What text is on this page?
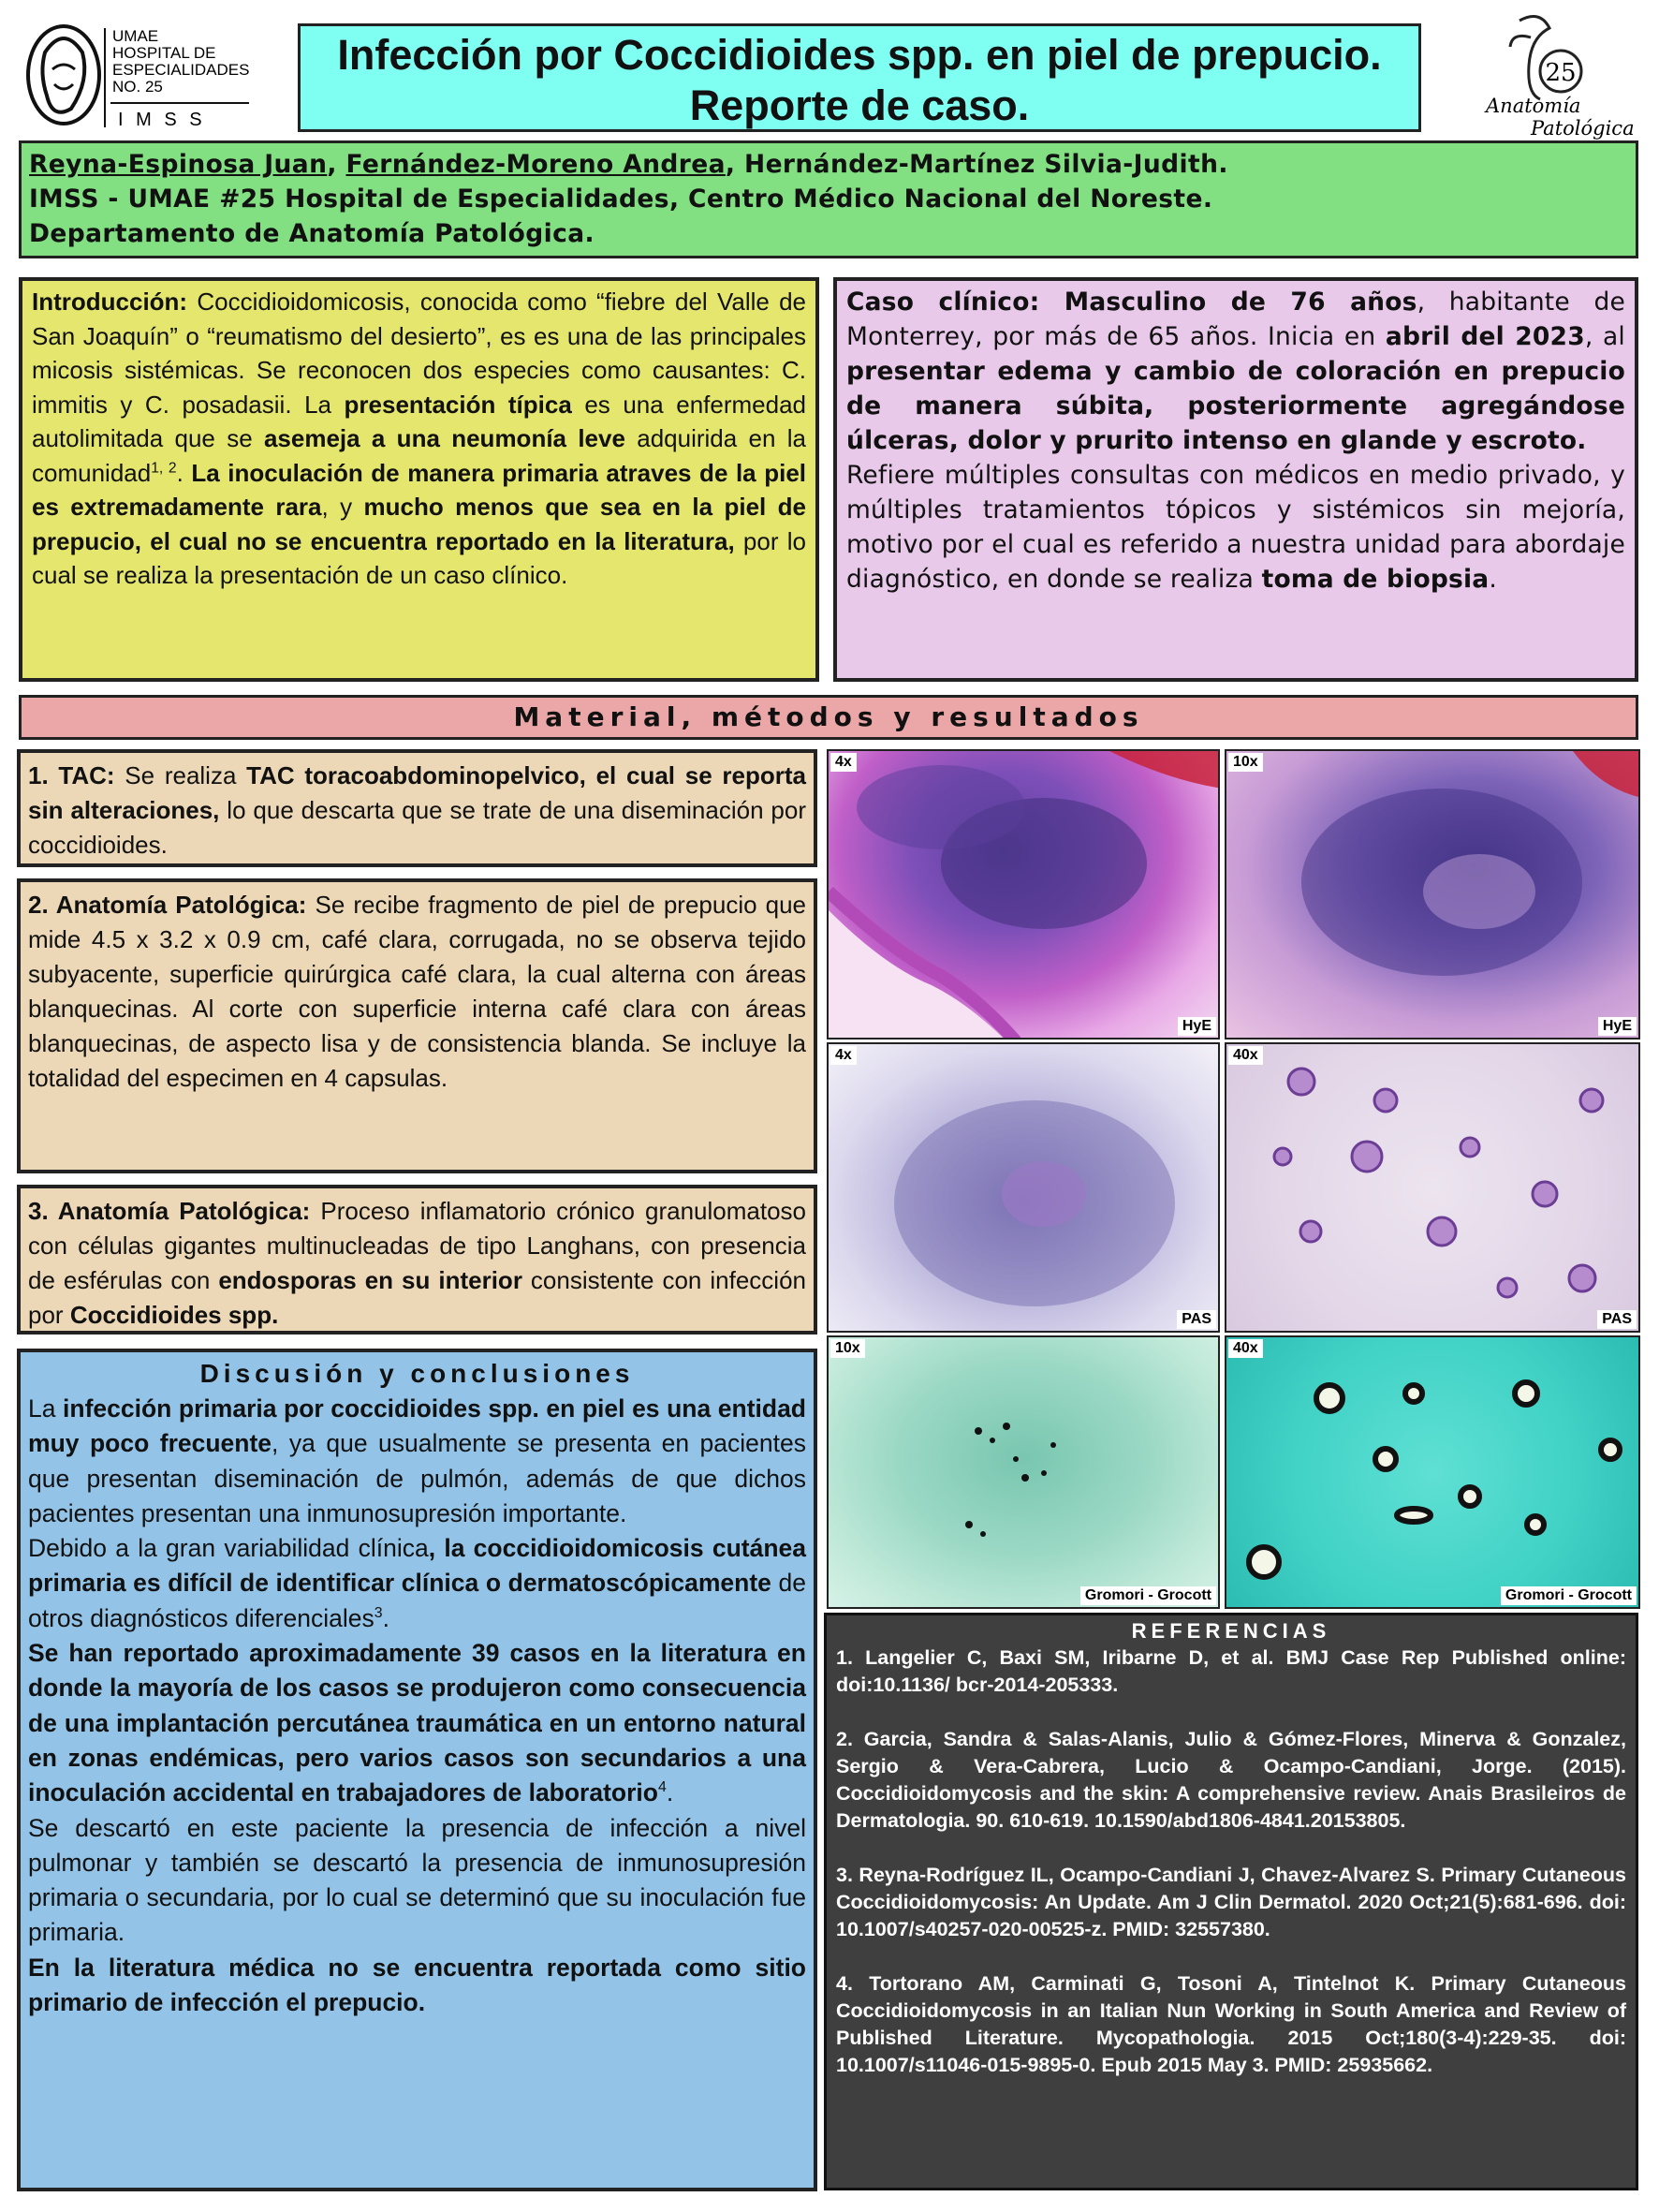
UMAE
HOSPITAL DE
ESPECIALIDADES
NO. 25
I M S S
25
Anatomía
Patológica
Infección por Coccidioides spp. en piel de prepucio.
Reporte de caso.
Reyna-Espinosa Juan, Fernández-Moreno Andrea, Hernández-Martínez Silvia-Judith.
IMSS - UMAE #25 Hospital de Especialidades, Centro Médico Nacional del Noreste.
Departamento de Anatomía Patológica.
Introducción: Coccidioidomicosis, conocida como “fiebre del Valle de San Joaquín” o “reumatismo del desierto”, es es una de las principales micosis sistémicas. Se reconocen dos especies como causantes: C. immitis y C. posadasii. La presentación típica es una enfermedad autolimitada que se asemeja a una neumonía leve adquirida en la comunidad$^{1, 2}$. La inoculación de manera primaria atraves de la piel es extremadamente rara, y mucho menos que sea en la piel de prepucio, el cual no se encuentra reportado en la literatura, por lo cual se realiza la presentación de un caso clínico.
Caso clínico: Masculino de 76 años, habitante de Monterrey, por más de 65 años. Inicia en abril del 2023, al presentar edema y cambio de coloración en prepucio de manera súbita, posteriormente agregándose úlceras, dolor y prurito intenso en glande y escroto.
Refiere múltiples consultas con médicos en medio privado, y múltiples tratamientos tópicos y sistémicos sin mejoría, motivo por el cual es referido a nuestra unidad para abordaje diagnóstico, en donde se realiza toma de biopsia.
Material, métodos y resultados
1. TAC: Se realiza TAC toracoabdominopelvico, el cual se reporta sin alteraciones, lo que descarta que se trate de una diseminación por coccidioides.
2. Anatomía Patológica: Se recibe fragmento de piel de prepucio que mide 4.5 x 3.2 x 0.9 cm, café clara, corrugada, no se observa tejido subyacente, superficie quirúrgica café clara, la cual alterna con áreas blanquecinas. Al corte con superficie interna café clara con áreas blanquecinas, de aspecto lisa y de consistencia blanda. Se incluye la totalidad del especimen en 4 capsulas.
3. Anatomía Patológica: Proceso inflamatorio crónico granulomatoso con células gigantes multinucleadas de tipo Langhans, con presencia de esférulas con endosporas en su interior consistente con infección por Coccidioides spp.
4x
HyE
10x
HyE
4x
PAS
40x
PAS
10x
Gromori - Grocott
40x
Gromori - Grocott
Discusión y conclusiones
La infección primaria por coccidioides spp. en piel es una entidad muy poco frecuente, ya que usualmente se presenta en pacientes que presentan diseminación de pulmón, además de que dichos pacientes presentan una inmunosupresión importante.
Debido a la gran variabilidad clínica, la coccidioidomicosis cutánea primaria es difícil de identificar clínica o dermatoscópicamente de otros diagnósticos diferenciales$^3$.
Se han reportado aproximadamente 39 casos en la literatura en donde la mayoría de los casos se produjeron como consecuencia de una implantación percutánea traumática en un entorno natural en zonas endémicas, pero varios casos son secundarios a una inoculación accidental en trabajadores de laboratorio$^4$.
Se descartó en este paciente la presencia de infección a nivel pulmonar y también se descartó la presencia de inmunosupresión primaria o secundaria, por lo cual se determinó que su inoculación fue primaria.
En la literatura médica no se encuentra reportada como sitio primario de infección el prepucio.
REFERENCIAS

1. Langelier C, Baxi SM, Iribarne D, et al. BMJ Case Rep Published online: doi:10.1136/ bcr-2014-205333.

2. Garcia, Sandra & Salas-Alanis, Julio & Gómez-Flores, Minerva & Gonzalez, Sergio & Vera-Cabrera, Lucio & Ocampo-Candiani, Jorge. (2015). Coccidioidomycosis and the skin: A comprehensive review. Anais Brasileiros de Dermatologia. 90. 610-619. 10.1590/abd1806-4841.20153805.

3. Reyna-Rodríguez IL, Ocampo-Candiani J, Chavez-Alvarez S. Primary Cutaneous Coccidioidomycosis: An Update. Am J Clin Dermatol. 2020 Oct;21(5):681-696. doi: 10.1007/s40257-020-00525-z. PMID: 32557380.

4. Tortorano AM, Carminati G, Tosoni A, Tintelnot K. Primary Cutaneous Coccidioidomycosis in an Italian Nun Working in South America and Review of Published Literature. Mycopathologia. 2015 Oct;180(3-4):229-35. doi: 10.1007/s11046-015-9895-0. Epub 2015 May 3. PMID: 25935662.
